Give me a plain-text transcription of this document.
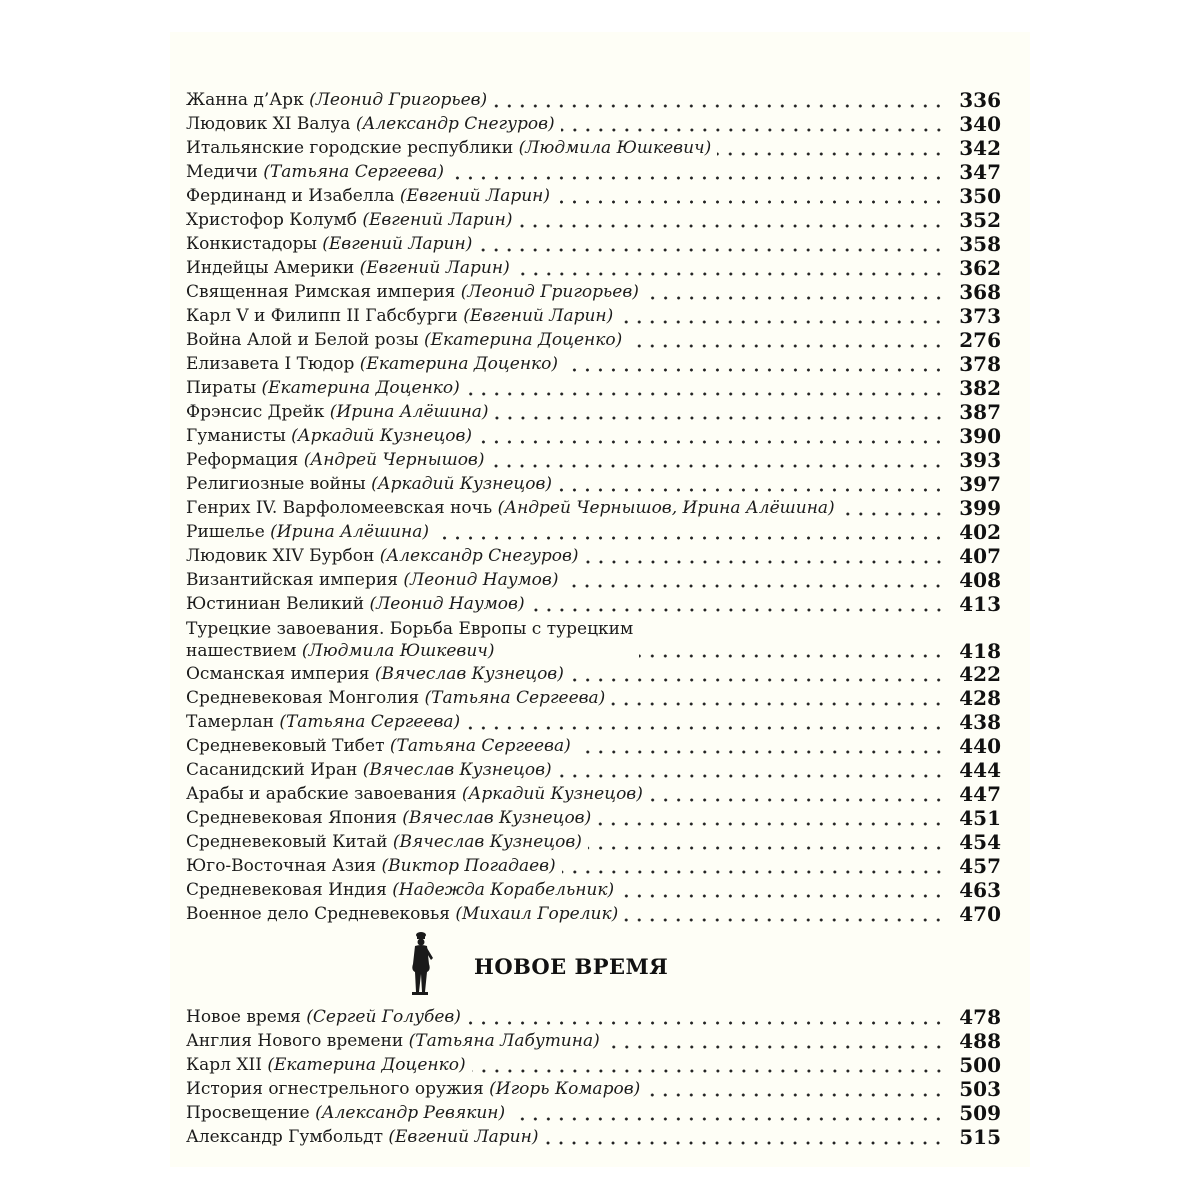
Жанна д’Арк (Леонид Григорьев)	336
Людовик XI Валуа (Александр Снегуров)	340
Итальянские городские республики (Людмила Юшкевич)	342
Медичи (Татьяна Сергеева)	347
Фердинанд и Изабелла (Евгений Ларин)	350
Христофор Колумб (Евгений Ларин)	352
Конкистадоры (Евгений Ларин)	358
Индейцы Америки (Евгений Ларин)	362
Священная Римская империя (Леонид Григорьев)	368
Карл V и Филипп II Габсбурги (Евгений Ларин)	373
Война Алой и Белой розы (Екатерина Доценко)	276
Елизавета I Тюдор (Екатерина Доценко)	378
Пираты (Екатерина Доценко)	382
Фрэнсис Дрейк (Ирина Алёшина)	387
Гуманисты (Аркадий Кузнецов)	390
Реформация (Андрей Чернышов)	393
Религиозные войны (Аркадий Кузнецов)	397
Генрих IV. Варфоломеевская ночь (Андрей Чернышов, Ирина Алёшина)	399
Ришелье (Ирина Алёшина)	402
Людовик XIV Бурбон (Александр Снегуров)	407
Византийская империя (Леонид Наумов)	408
Юстиниан Великий (Леонид Наумов)	413
Турецкие завоевания. Борьба Европы с турецким
нашествием (Людмила Юшкевич)	418
Османская империя (Вячеслав Кузнецов)	422
Средневековая Монголия (Татьяна Сергеева)	428
Тамерлан (Татьяна Сергеева)	438
Средневековый Тибет (Татьяна Сергеева)	440
Сасанидский Иран (Вячеслав Кузнецов)	444
Арабы и арабские завоевания (Аркадий Кузнецов)	447
Средневековая Япония (Вячеслав Кузнецов)	451
Средневековый Китай (Вячеслав Кузнецов)	454
Юго-Восточная Азия (Виктор Погадаев)	457
Средневековая Индия (Надежда Корабельник)	463
Военное дело Средневековья (Михаил Горелик)	470
НОВОЕ ВРЕМЯ
Новое время (Сергей Голубев)	478
Англия Нового времени (Татьяна Лабутина)	488
Карл XII (Екатерина Доценко)	500
История огнестрельного оружия (Игорь Комаров)	503
Просвещение (Александр Ревякин)	509
Александр Гумбольдт (Евгений Ларин)	515
